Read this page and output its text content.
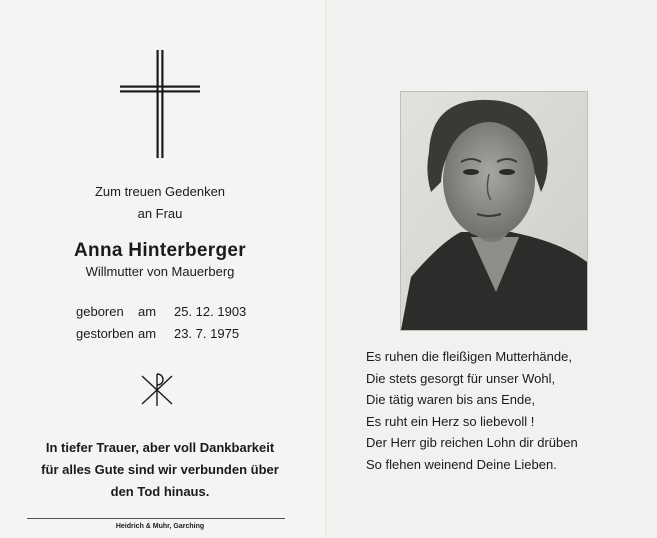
Zum treuen Gedenken
an Frau
Anna Hinterberger
Willmutter von Mauerberg
geboren	am	25. 12. 1903
gestorben am	23. 7. 1975
In tiefer Trauer, aber voll Dankbarkeit
für alles Gute sind wir verbunden über
den Tod hinaus.
Heidrich & Muhr, Garching
Es ruhen die fleißigen Mutterhände,
Die stets gesorgt für unser Wohl,
Die tätig waren bis ans Ende,
Es ruht ein Herz so liebevoll !
Der Herr gib reichen Lohn dir drüben
So flehen weinend Deine Lieben.
